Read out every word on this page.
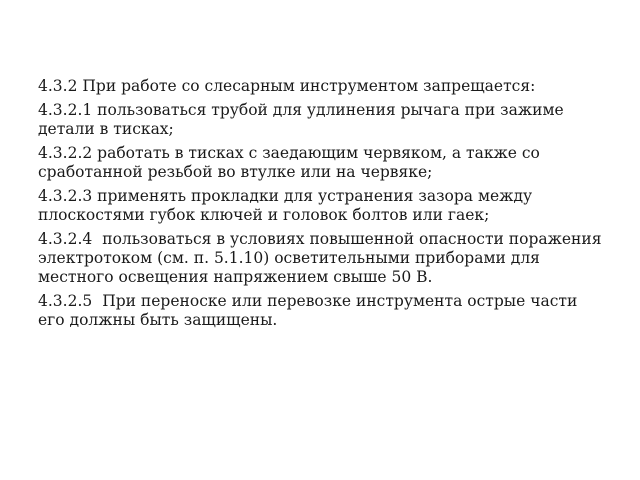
4.3.2 При работе со слесарным инструментом запрещается:

4.3.2.1 пользоваться трубой для удлинения рычага при зажиме детали в тисках;

4.3.2.2 работать в тисках с заедающим червяком, а также со сработанной резьбой во втулке или на червяке;

4.3.2.3 применять прокладки для устранения зазора между плоскостями губок ключей и головок болтов или гаек;

4.3.2.4 пользоваться в условиях повышенной опасности поражения электротоком (см. п. 5.1.10) осветительными приборами для местного освещения напряжением свыше 50 В.

4.3.2.5 При переноске или перевозке инструмента острые части его должны быть защищены.
